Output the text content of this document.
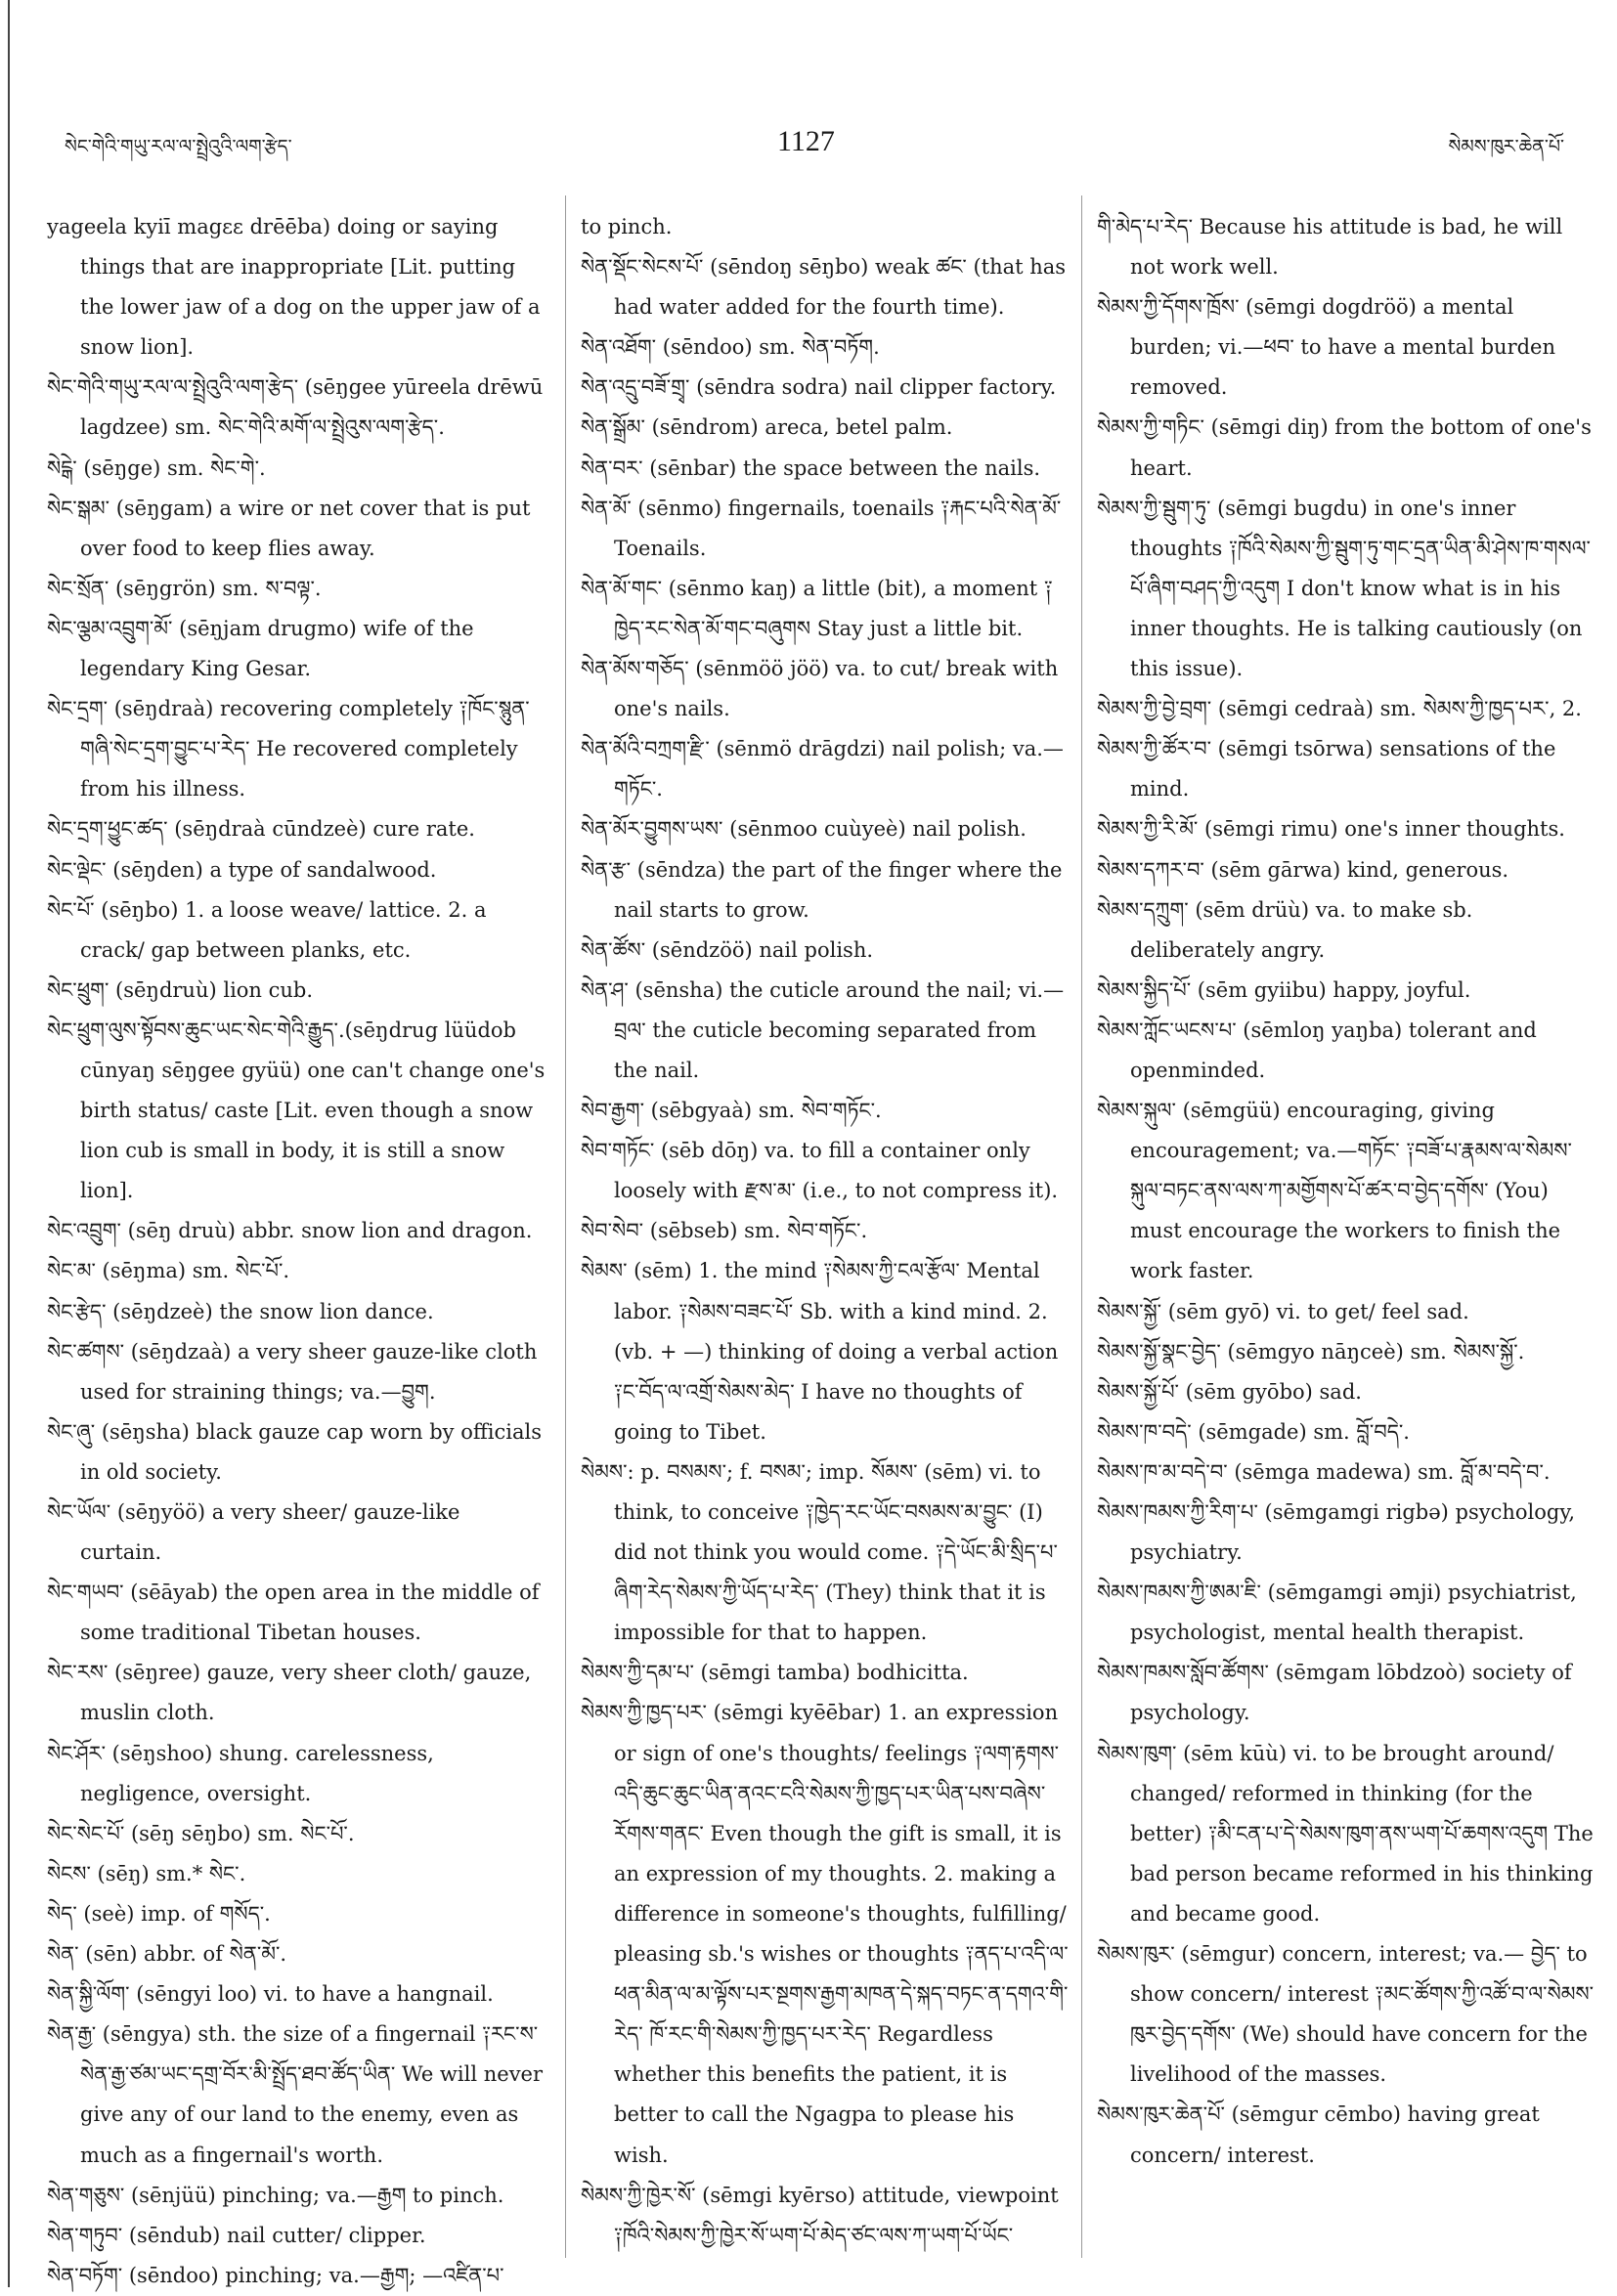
སེང་གེའི་གཡུ་རལ་ལ་སྤྲེའུའི་ལག་རྩེད་	1127	སེམས་ཁུར་ཆེན་པོ་

yageela kyiī magεε drēēba) doing or saying things that are inappropriate [Lit. putting the lower jaw of a dog on the upper jaw of a snow lion].

སེང་གེའི་གཡུ་རལ་ལ་སྤྲེའུའི་ལག་རྩེད་ (sēŋgee yūreela drēwū lagdzee) sm. སེང་གེའི་མགོ་ལ་སྤྲེའུས་ལག་རྩེད་.

སེངྒེ་ (sēŋge) sm. སེང་གེ་.

སེང་སྒམ་ (sēŋgam) a wire or net cover that is put over food to keep flies away.

སེང་སྲོན་ (sēŋgrön) sm. ས་བལྟ་.

སེང་ལྕམ་འབྲུག་མོ་ (sēŋjam drugmo) wife of the legendary King Gesar.

སེང་དྲག་ (sēŋdraà) recovering completely ༑ཁོང་སྙུན་གཞི་སེང་དྲག་བྱུང་པ་རེད་ He recovered completely from his illness.

སེང་དྲག་ཕྱུང་ཚད་ (sēŋdraà cūndzeè) cure rate.

སེང་ལྡེང་ (sēŋden) a type of sandalwood.

སེང་པོ་ (sēŋbo) 1. a loose weave/ lattice. 2. a crack/ gap between planks, etc.

སེང་ཕྲུག་ (sēŋdruù) lion cub.

སེང་ཕྲུག་ལུས་སྟོབས་ཆུང་ཡང་སེང་གེའི་རྒྱུད་.(sēŋdrug lüüdob cūnyaŋ sēŋgee gyüü) one can't change one's birth status/ caste [Lit. even though a snow lion cub is small in body, it is still a snow lion].

སེང་འབྲུག་ (sēŋ druù) abbr. snow lion and dragon.

སེང་མ་ (sēŋma) sm. སེང་པོ་.

སེང་རྩེད་ (sēŋdzeè) the snow lion dance.

སེང་ཚགས་ (sēŋdzaà) a very sheer gauze-like cloth used for straining things; va.—བྱུག.

སེང་ཞུ་ (sēŋsha) black gauze cap worn by officials in old society.

སེང་ཡོལ་ (sēŋyöö) a very sheer/ gauze-like curtain.

སེང་གཡབ་ (sēāyab) the open area in the middle of some traditional Tibetan houses.

སེང་རས་ (sēŋree) gauze, very sheer cloth/ gauze, muslin cloth.

སེང་ཤོར་ (sēŋshoo) shung. carelessness, negligence, oversight.

སེང་སེང་པོ་ (sēŋ sēŋbo) sm. སེང་པོ་.

སེངས་ (sēŋ) sm.* སེང་.

སེད་ (seè) imp. of གསོད་.

སེན་ (sēn) abbr. of སེན་མོ་.

སེན་སྐྱི་ལོག་ (sēngyi loo) vi. to have a hangnail.

སེན་རྒྱ་ (sēngya) sth. the size of a fingernail ༑རང་ས་སེན་རྒྱ་ཙམ་ཡང་དགྲ་བོར་མི་སྤྲོད་ཐབ་ཚོད་ཡིན་ We will never give any of our land to the enemy, even as much as a fingernail's worth.

སེན་གཅུས་ (sēnjüü) pinching; va.—རྒྱག to pinch.

སེན་གཏུབ་ (sēndub) nail cutter/ clipper.

སེན་བཏོག་ (sēndoo) pinching; va.—རྒྱག; —འཛིན་པ་

to pinch.

སེན་སྡོང་སེངས་པོ་ (sēndoŋ sēŋbo) weak ཚང་ (that has had water added for the fourth time).

སེན་འཐོག་ (sēndoo) sm. སེན་བཏོག.

སེན་འདྲུ་བཟོ་གྲྭ་ (sēndra sodra) nail clipper factory.

སེན་སྒྲོམ་ (sēndrom) areca, betel palm.

སེན་བར་ (sēnbar) the space between the nails.

སེན་མོ་ (sēnmo) fingernails, toenails ༑རྐང་པའི་སེན་མོ་ Toenails.

སེན་མོ་གང་ (sēnmo kaŋ) a little (bit), a moment ༑ཁྱེད་རང་སེན་མོ་གང་བཞུགས Stay just a little bit.

སེན་མོས་གཅོད་ (sēnmöö jöö) va. to cut/ break with one's nails.

སེན་མོའི་བཀྲག་རྫི་ (sēnmö drāgdzi) nail polish; va.—གཏོང་.

སེན་མོར་བྱུགས་ཡས་ (sēnmoo cuùyeè) nail polish.

སེན་རྩ་ (sēndza) the part of the finger where the nail starts to grow.

སེན་ཚོས་ (sēndzöö) nail polish.

སེན་ཤ་ (sēnsha) the cuticle around the nail; vi.—བྲལ་ the cuticle becoming separated from the nail.

སེབ་རྒྱག་ (sēbgyaà) sm. སེབ་གཏོང་.

སེབ་གཏོང་ (sēb dōŋ) va. to fill a container only loosely with རྫས་མ་ (i.e., to not compress it).

སེབ་སེབ་ (sēbseb) sm. སེབ་གཏོང་.

སེམས་ (sēm) 1. the mind ༑སེམས་ཀྱི་ངལ་རྩོལ་ Mental labor. ༑སེམས་བཟང་པོ་ Sb. with a kind mind. 2. (vb. + —) thinking of doing a verbal action ༑ང་བོད་ལ་འགྲོ་སེམས་མེད་ I have no thoughts of going to Tibet.

སེམས་: p. བསམས་; f. བསམ་; imp. སོམས་ (sēm) vi. to think, to conceive ༑ཁྱེད་རང་ཡོང་བསམས་མ་བྱུང་ (I) did not think you would come. ༑དེ་ཡོང་མི་སྲིད་པ་ཞིག་རེད་སེམས་ཀྱི་ཡོད་པ་རེད་ (They) think that it is impossible for that to happen.

སེམས་ཀྱི་དམ་པ་ (sēmgi tamba) bodhicitta.

སེམས་ཀྱི་ཁྱད་པར་ (sēmgi kyēēbar) 1. an expression or sign of one's thoughts/ feelings ༑ལག་རྟགས་འདི་ཆུང་ཆུང་ཡིན་ནའང་ངའི་སེམས་ཀྱི་ཁྱད་པར་ཡིན་པས་བཞེས་རོགས་གནང་ Even though the gift is small, it is an expression of my thoughts. 2. making a difference in someone's thoughts, fulfilling/ pleasing sb.'s wishes or thoughts ༑ནད་པ་འདི་ལ་ཕན་མིན་ལ་མ་ལྟོས་པར་སྔགས་རྒྱག་མཁན་དེ་སྐད་བཏང་ན་དགའ་གི་རེད་ ཁོ་རང་གི་སེམས་ཀྱི་ཁྱད་པར་རེད་ Regardless whether this benefits the patient, it is better to call the Ngagpa to please his wish.

སེམས་ཀྱི་ཁྱེར་སོ་ (sēmgi kyērso) attitude, viewpoint ༑ཁོའི་སེམས་ཀྱི་ཁྱེར་སོ་ཡག་པོ་མེད་ཙང་ལས་ཀ་ཡག་པོ་ཡོང་

གི་མེད་པ་རེད་ Because his attitude is bad, he will not work well.

སེམས་ཀྱི་དོགས་ཁྲོས་ (sēmgi dogdröö) a mental burden; vi.—ཕབ་ to have a mental burden removed.

སེམས་ཀྱི་གཏིང་ (sēmgi diŋ) from the bottom of one's heart.

སེམས་ཀྱི་སྦུག་ཏུ་ (sēmgi bugdu) in one's inner thoughts ༑ཁོའི་སེམས་ཀྱི་སྦུག་ཏུ་གང་དྲན་ཡིན་མི་ཤེས་ཁ་གསལ་པོ་ཞིག་བཤད་ཀྱི་འདུག I don't know what is in his inner thoughts. He is talking cautiously (on this issue).

སེམས་ཀྱི་བྱེ་བྲག་ (sēmgi cedraà) sm. སེམས་ཀྱི་ཁྱད་པར་, 2.

སེམས་ཀྱི་ཚོར་བ་ (sēmgi tsōrwa) sensations of the mind.

སེམས་ཀྱི་རི་མོ་ (sēmgi rimu) one's inner thoughts.

སེམས་དཀར་བ་ (sēm gārwa) kind, generous.

སེམས་དཀྲུག་ (sēm drüù) va. to make sb. deliberately angry.

སེམས་སྐྱིད་པོ་ (sēm gyiibu) happy, joyful.

སེམས་ཀློང་ཡངས་པ་ (sēmloŋ yaŋba) tolerant and openminded.

སེམས་སྐུལ་ (sēmgüü) encouraging, giving encouragement; va.—གཏོང་ ༑བཟོ་པ་རྣམས་ལ་སེམས་སྐུལ་བཏང་ནས་ལས་ཀ་མགྱོགས་པོ་ཚར་བ་བྱེད་དགོས་ (You) must encourage the workers to finish the work faster.

སེམས་སྐྱོ་ (sēm gyō) vi. to get/ feel sad.

སེམས་སྐྱོ་སྣང་བྱེད་ (sēmgyo nāŋceè) sm. སེམས་སྐྱོ་.

སེམས་སྐྱོ་པོ་ (sēm gyōbo) sad.

སེམས་ཁ་བདེ་ (sēmgade) sm. བློ་བདེ་.

སེམས་ཁ་མ་བདེ་བ་ (sēmga madewa) sm. བློ་མ་བདེ་བ་.

སེམས་ཁམས་ཀྱི་རིག་པ་ (sēmgamgi rigbə) psychology, psychiatry.

སེམས་ཁམས་ཀྱི་ཨམ་ཇི་ (sēmgamgi əmji) psychiatrist, psychologist, mental health therapist.

སེམས་ཁམས་སློབ་ཚོགས་ (sēmgam lōbdzoò) society of psychology.

སེམས་ཁུག་ (sēm kūù) vi. to be brought around/ changed/ reformed in thinking (for the better) ༑མི་ངན་པ་དེ་སེམས་ཁུག་ནས་ཡག་པོ་ཆགས་འདུག The bad person became reformed in his thinking and became good.

སེམས་ཁུར་ (sēmgur) concern, interest; va.— བྱེད་ to show concern/ interest ༑མང་ཚོགས་ཀྱི་འཚོ་བ་ལ་སེམས་ཁུར་བྱེད་དགོས་ (We) should have concern for the livelihood of the masses.

སེམས་ཁུར་ཆེན་པོ་ (sēmgur cēmbo) having great concern/ interest.
